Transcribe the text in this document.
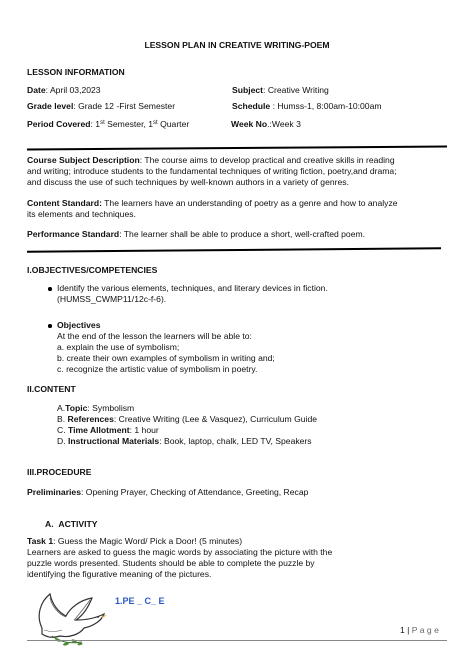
LESSON PLAN IN CREATIVE WRITING-POEM
LESSON INFORMATION
Date: April 03,2023	Subject: Creative Writing
Grade level: Grade 12 -First Semester	Schedule : Humss-1, 8:00am-10:00am
Period Covered: 1st Semester, 1st Quarter	Week No.:Week 3
Course Subject Description: The course aims to develop practical and creative skills in reading
and writing; introduce students to the fundamental techniques of writing fiction, poetry,and drama;
and discuss the use of such techniques by well-known authors in a variety of genres.
Content Standard: The learners have an understanding of poetry as a genre and how to analyze
its elements and techniques.
Performance Standard: The learner shall be able to produce a short, well-crafted poem.
I.OBJECTIVES/COMPETENCIES
Identify the various elements, techniques, and literary devices in fiction.
(HUMSS_CWMP11/12c-f-6).
Objectives
At the end of the lesson the learners will be able to:
a. explain the use of symbolism;
b. create their own examples of symbolism in writing and;
c. recognize the artistic value of symbolism in poetry.
II.CONTENT
A.Topic: Symbolism
B. References: Creative Writing (Lee & Vasquez), Curriculum Guide
C. Time Allotment: 1 hour
D. Instructional Materials: Book, laptop, chalk, LED TV, Speakers
III.PROCEDURE
Preliminaries: Opening Prayer, Checking of Attendance, Greeting, Recap
A. ACTIVITY
Task 1: Guess the Magic Word/ Pick a Door! (5 minutes)
Learners are asked to guess the magic words by associating the picture with the
puzzle words presented. Students should be able to complete the puzzle by
identifying the figurative meaning of the pictures.
1.PE _ C_ E
1 | P a g e
